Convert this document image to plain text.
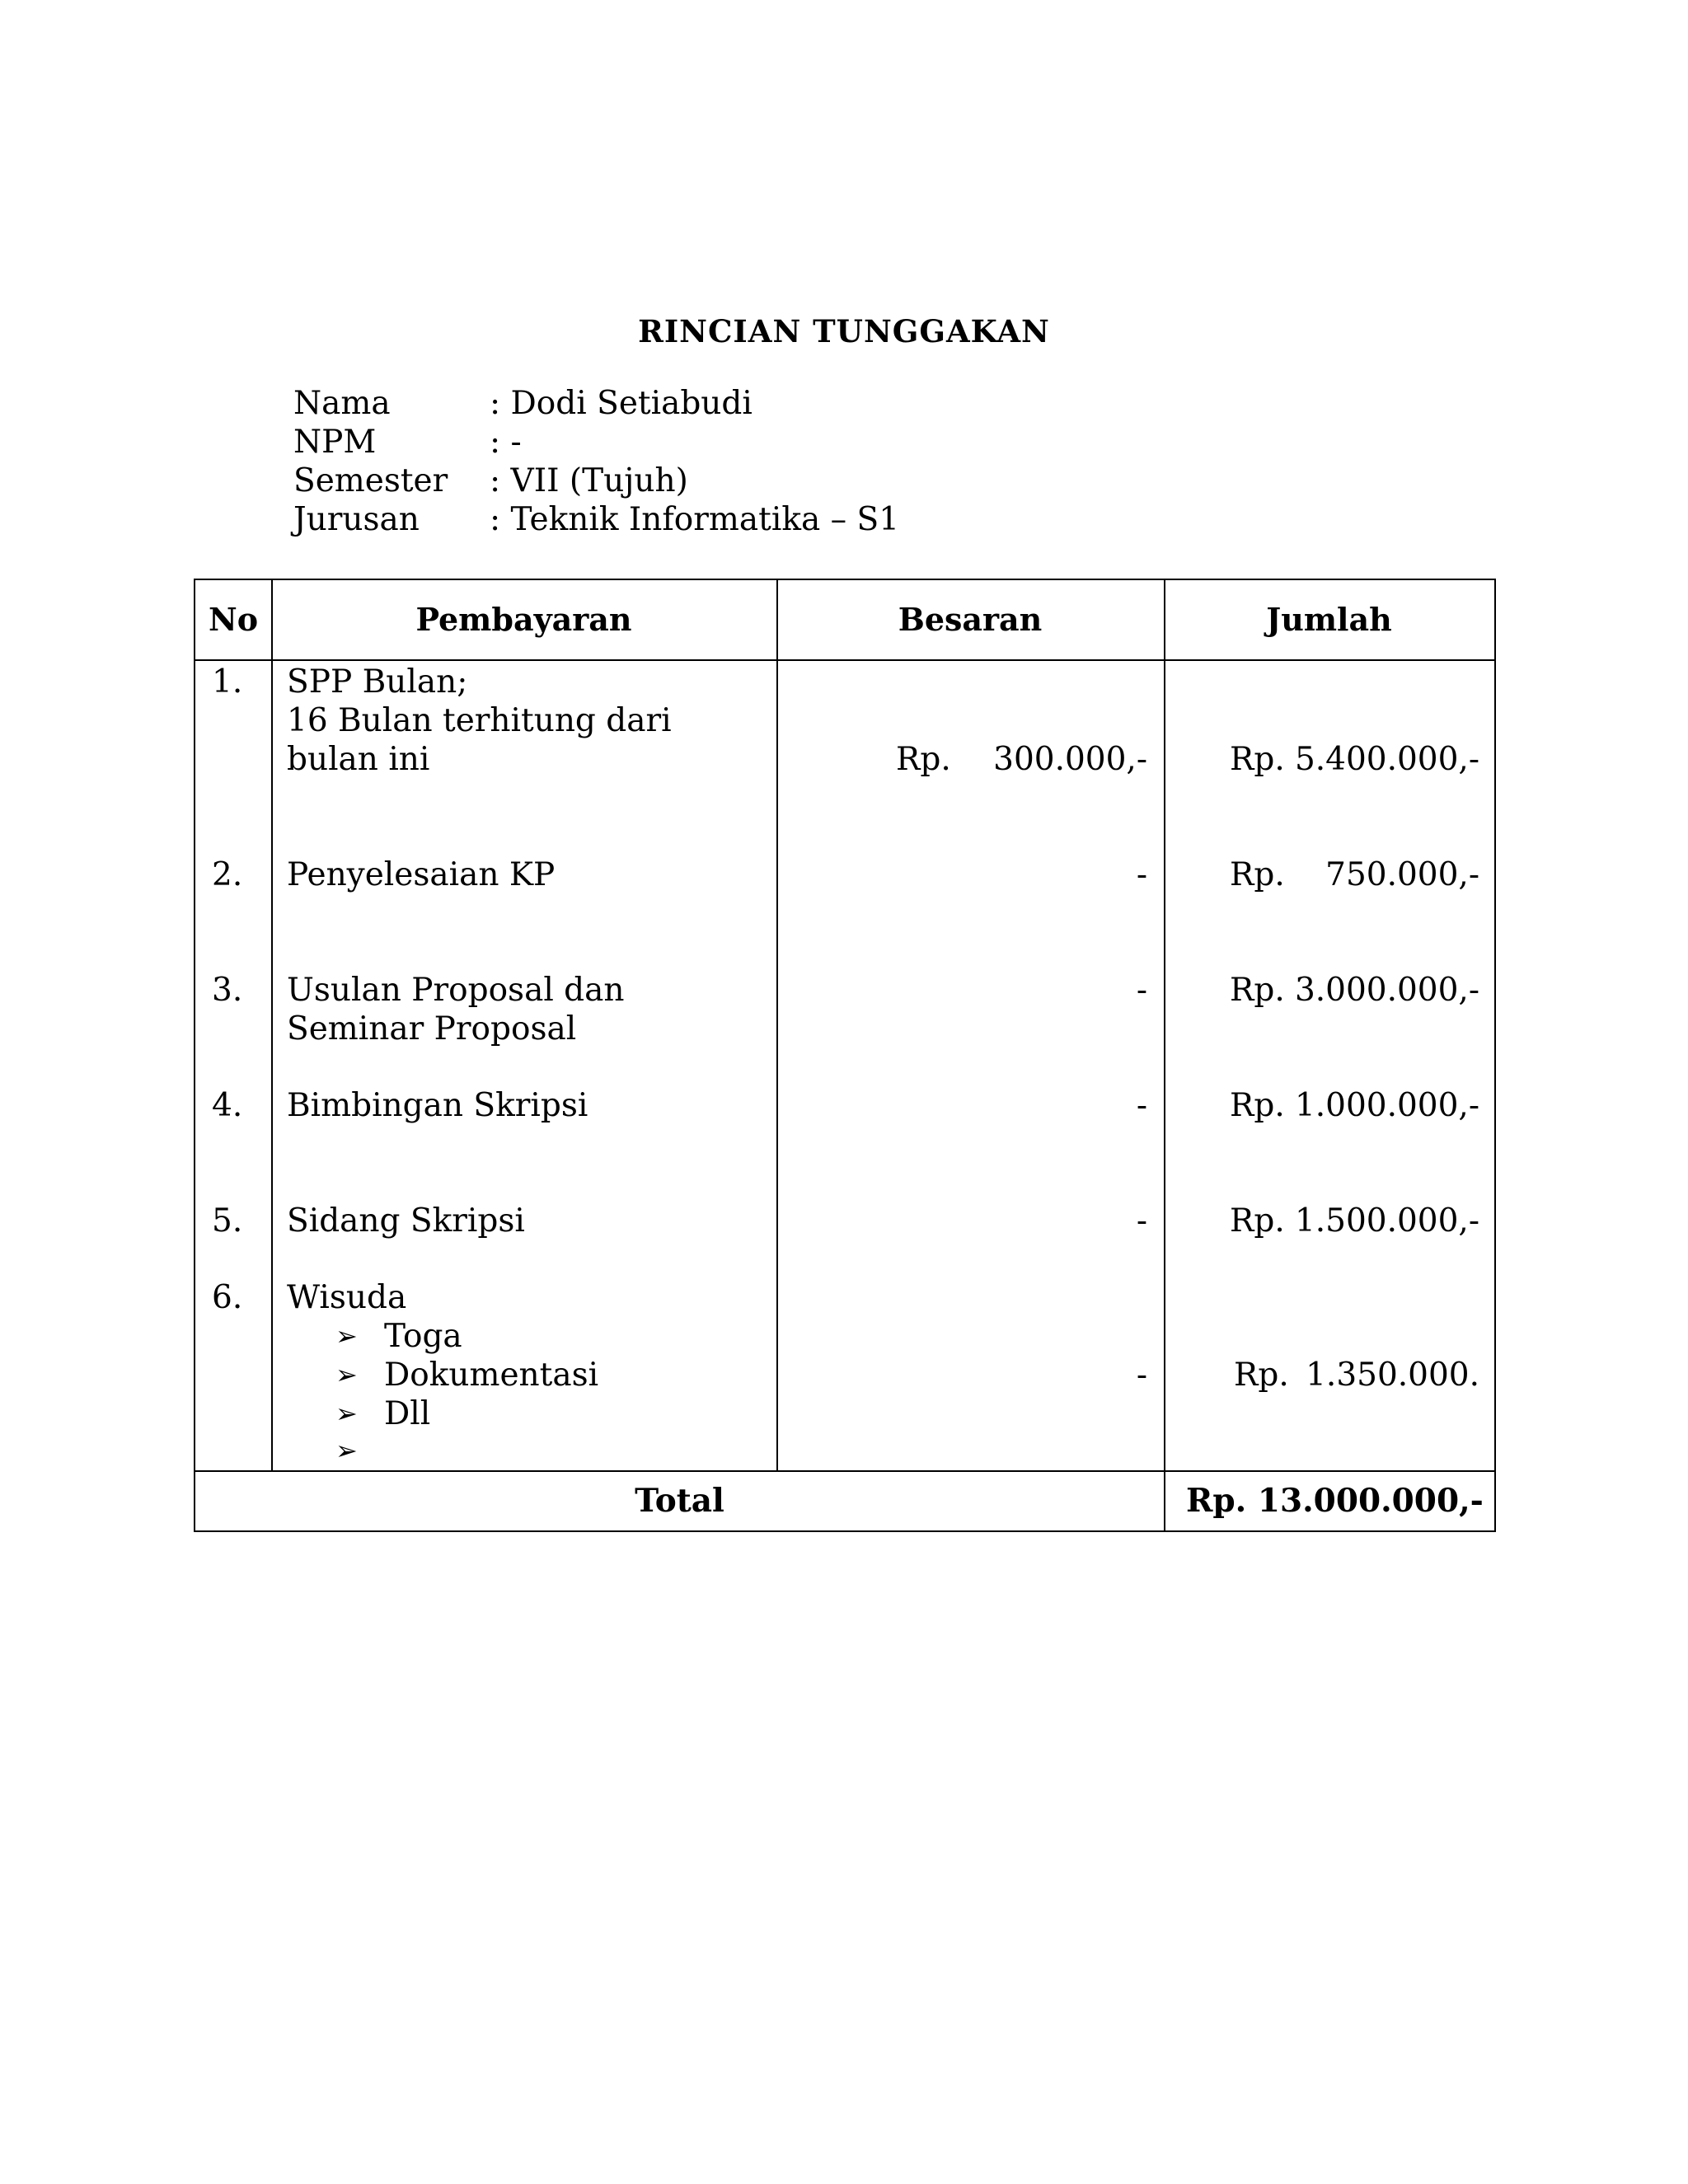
RINCIAN TUNGGAKAN
Nama	: Dodi Setiabudi
NPM	: -
Semester : VII (Tujuh)
Jurusan : Teknik Informatika – S1
No	Pembayaran	Besaran	Jumlah
1. SPP Bulan;
16 Bulan terhitung dari
bulan ini	Rp. 300.000,-	Rp. 5.400.000,-
2. Penyelesaian KP	-	Rp. 750.000,-
3. Usulan Proposal dan
Seminar Proposal
-	Rp. 3.000.000,-
4. Bimbingan Skripsi	-	Rp. 1.000.000,-
5. Sidang Skripsi	-	Rp. 1.500.000,-
6. Wisuda
➢ Toga
➢ Dokumentasi
➢ Dll
➢
-	Rp. 1.350.000.
Total	Rp. 13.000.000,-
